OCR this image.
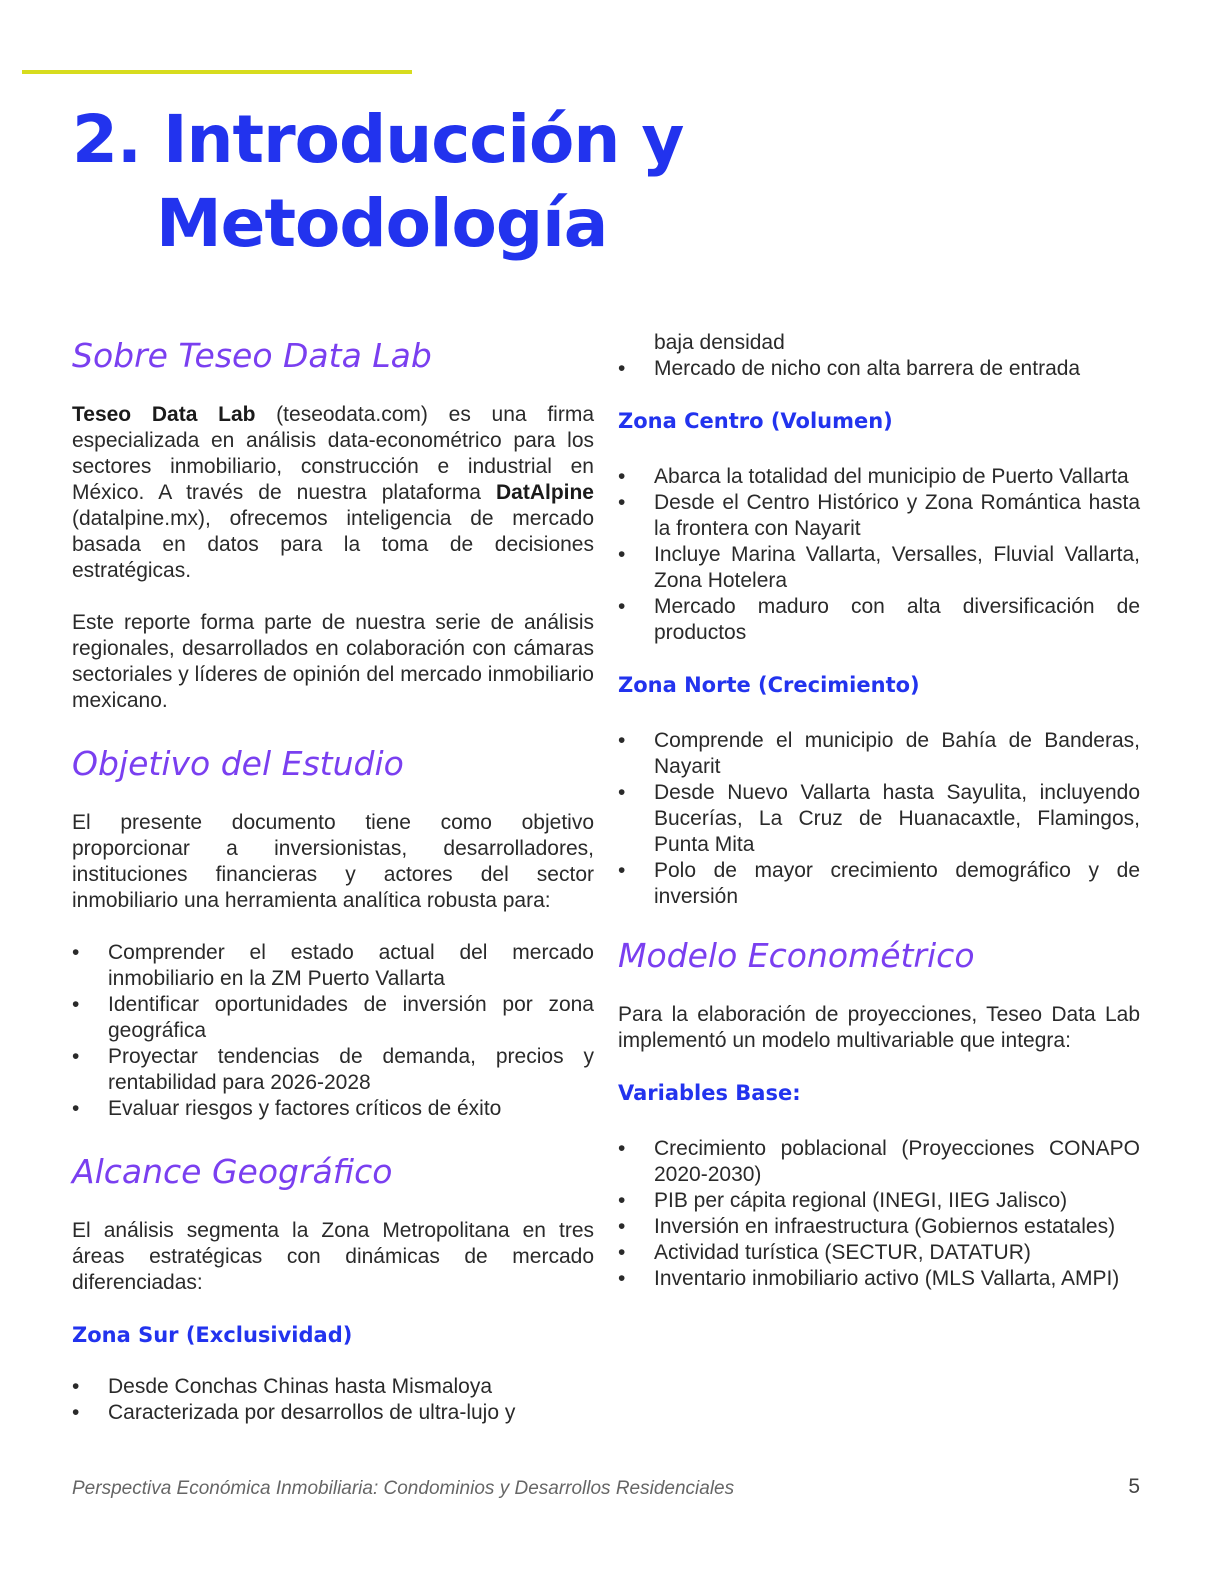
2. Introducción y

Metodología
Sobre Teseo Data Lab

Teseo Data Lab (teseodata.com) es una firma especializada en análisis data-econométrico para los sectores inmobiliario, construcción e industrial en México. A través de nuestra plataforma DatAlpine (datalpine.mx), ofrecemos inteligencia de mercado basada en datos para la toma de decisiones estratégicas.

Este reporte forma parte de nuestra serie de análisis regionales, desarrollados en colaboración con cámaras sectoriales y líderes de opinión del mercado inmobiliario mexicano.

Objetivo del Estudio

El presente documento tiene como objetivo proporcionar a inversionistas, desarrolladores, instituciones financieras y actores del sector inmobiliario una herramienta analítica robusta para:

• Comprender el estado actual del mercado inmobiliario en la ZM Puerto Vallarta
• Identificar oportunidades de inversión por zona geográfica
• Proyectar tendencias de demanda, precios y rentabilidad para 2026-2028
• Evaluar riesgos y factores críticos de éxito
Alcance Geográfico

El análisis segmenta la Zona Metropolitana en tres áreas estratégicas con dinámicas de mercado diferenciadas:

Zona Sur (Exclusividad)
• Desde Conchas Chinas hasta Mismaloya
• Caracterizada por desarrollos de ultra-lujo y

baja densidad

• Mercado de nicho con alta barrera de entrada
Zona Centro (Volumen)
• Abarca la totalidad del municipio de Puerto Vallarta
• Desde el Centro Histórico y Zona Romántica hasta la frontera con Nayarit
• Incluye Marina Vallarta, Versalles, Fluvial Vallarta, Zona Hotelera
• Mercado maduro con alta diversificación de productos
Zona Norte (Crecimiento)
• Comprende el municipio de Bahía de Banderas, Nayarit
• Desde Nuevo Vallarta hasta Sayulita, incluyendo Bucerías, La Cruz de Huanacaxtle, Flamingos, Punta Mita
• Polo de mayor crecimiento demográfico y de inversión
Modelo Econométrico

Para la elaboración de proyecciones, Teseo Data Lab implementó un modelo multivariable que integra:

Variables Base:
• Crecimiento poblacional (Proyecciones CONAPO 2020-2030)
• PIB per cápita regional (INEGI, IIEG Jalisco)
• Inversión en infraestructura (Gobiernos estatales)
• Actividad turística (SECTUR, DATATUR)
• Inventario inmobiliario activo (MLS Vallarta, AMPI)
Perspectiva Económica Inmobiliaria: Condominios y Desarrollos Residenciales	5
